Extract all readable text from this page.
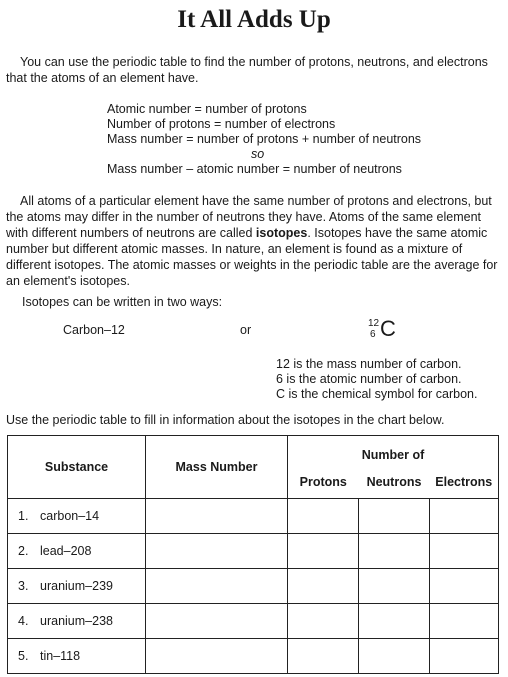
It All Adds Up
You can use the periodic table to find the number of protons, neutrons, and electrons that the atoms of an element have.
Atomic number = number of protons
Number of protons = number of electrons
Mass number = number of protons + number of neutrons
so
Mass number – atomic number = number of neutrons
All atoms of a particular element have the same number of protons and electrons, but the atoms may differ in the number of neutrons they have. Atoms of the same element with different numbers of neutrons are called isotopes. Isotopes have the same atomic number but different atomic masses. In nature, an element is found as a mixture of different isotopes. The atomic masses or weights in the periodic table are the average for an element's isotopes.
Isotopes can be written in two ways:
Carbon–12	or	12
6 C
12 is the mass number of carbon.
6 is the atomic number of carbon.
C is the chemical symbol for carbon.
Use the periodic table to fill in information about the isotopes in the chart below.
Substance	Mass Number	Number of		
		Protons	Neutrons	Electrons
1. carbon–14				
2. lead–208				
3. uranium–239				
4. uranium–238				
5. tin–118				
